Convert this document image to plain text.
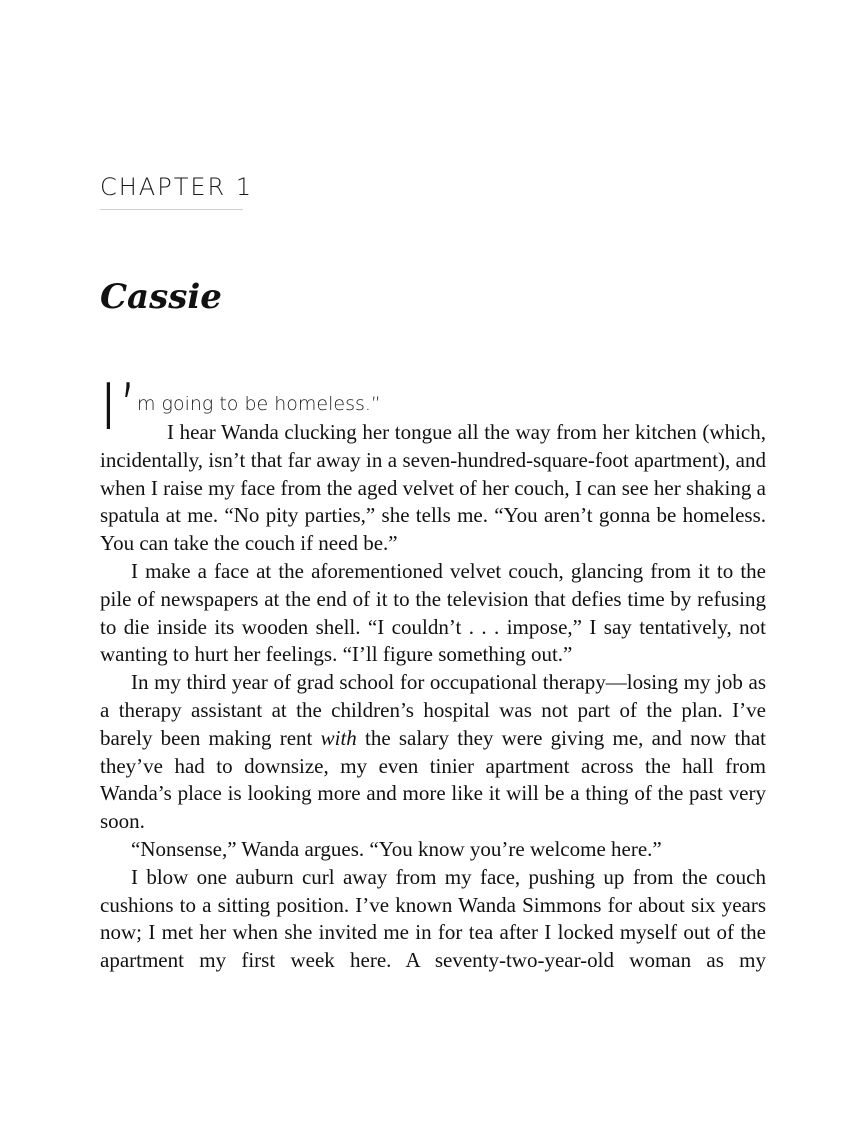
CHAPTER 1
Cassie
I’
m going to be homeless.”

I hear Wanda clucking her tongue all the way from her kitchen (which, incidentally, isn’t that far away in a seven-hundred-square-foot apartment), and when I raise my face from the aged velvet of her couch, I can see her shaking a spatula at me. “No pity parties,” she tells me. “You aren’t gonna be homeless. You can take the couch if need be.”

I make a face at the aforementioned velvet couch, glancing from it to the pile of newspapers at the end of it to the television that defies time by refusing to die inside its wooden shell. “I couldn’t . . . impose,” I say tentatively, not wanting to hurt her feelings. “I’ll figure something out.”

In my third year of grad school for occupational therapy—losing my job as a therapy assistant at the children’s hospital was not part of the plan. I’ve barely been making rent with the salary they were giving me, and now that they’ve had to downsize, my even tinier apartment across the hall from Wanda’s place is looking more and more like it will be a thing of the past very soon.

“Nonsense,” Wanda argues. “You know you’re welcome here.”

I blow one auburn curl away from my face, pushing up from the couch cushions to a sitting position. I’ve known Wanda Simmons for about six years now; I met her when she invited me in for tea after I locked myself out of the apartment my first week here. A seventy-two-year-old woman as my
